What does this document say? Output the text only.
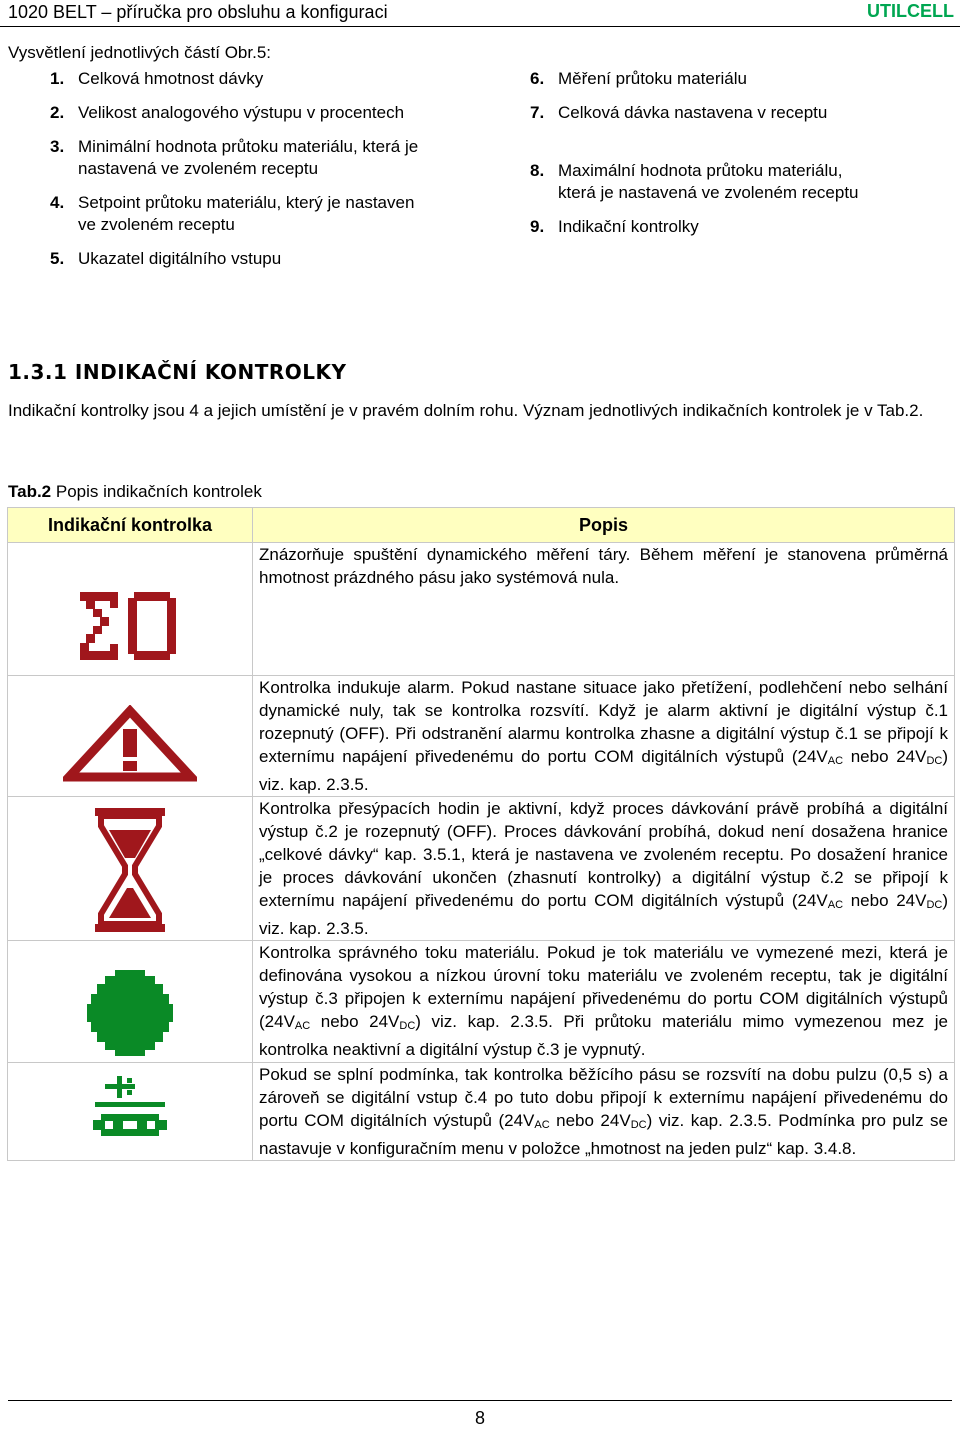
1020 BELT – příručka pro obsluhu a konfiguraci	UTILCELL
Vysvětlení jednotlivých částí Obr.5:
1. Celková hmotnost dávky
2. Velikost analogového výstupu v procentech
3. Minimální hodnota průtoku materiálu, která je nastavená ve zvoleném receptu
4. Setpoint průtoku materiálu, který je nastaven ve zvoleném receptu
5. Ukazatel digitálního vstupu
6. Měření průtoku materiálu
7. Celková dávka nastavena v receptu
8. Maximální hodnota průtoku materiálu, která je nastavená ve zvoleném receptu
9. Indikační kontrolky
1.3.1 INDIKAČNÍ KONTROLKY
Indikační kontrolky jsou 4 a jejich umístění je v pravém dolním rohu. Význam jednotlivých indikačních kontrolek je v Tab.2.
Tab.2 Popis indikačních kontrolek
Indikační kontrolka	Popis
	Znázorňuje spuštění dynamického měření táry. Během měření je stanovena průměrná hmotnost prázdného pásu jako systémová nula.
	Kontrolka indukuje alarm. Pokud nastane situace jako přetížení, podlehčení nebo selhání dynamické nuly, tak se kontrolka rozsvítí. Když je alarm aktivní je digitální výstup č.1 rozepnutý (OFF). Při odstranění alarmu kontrolka zhasne a digitální výstup č.1 se připojí k externímu napájení přivedenému do portu COM digitálních výstupů ($24V_{AC}$ nebo $24V_{DC}$) viz. kap. 2.3.5.
	Kontrolka přesýpacích hodin je aktivní, když proces dávkování právě probíhá a digitální výstup č.2 je rozepnutý (OFF). Proces dávkování probíhá, dokud není dosažena hranice „celkové dávky“ kap. 3.5.1, která je nastavena ve zvoleném receptu. Po dosažení hranice je proces dávkování ukončen (zhasnutí kontrolky) a digitální výstup č.2 se připojí k externímu napájení přivedenému do portu COM digitálních výstupů ($24V_{AC}$ nebo $24V_{DC}$) viz. kap. 2.3.5.
	Kontrolka správného toku materiálu. Pokud je tok materiálu ve vymezené mezi, která je definována vysokou a nízkou úrovní toku materiálu ve zvoleném receptu, tak je digitální výstup č.3 připojen k externímu napájení přivedenému do portu COM digitálních výstupů ($24V_{AC}$ nebo $24V_{DC}$) viz. kap. 2.3.5. Při průtoku materiálu mimo vymezenou mez je kontrolka neaktivní a digitální výstup č.3 je vypnutý.
	Pokud se splní podmínka, tak kontrolka běžícího pásu se rozsvítí na dobu pulzu (0,5 s) a zároveň se digitální vstup č.4 po tuto dobu připojí k externímu napájení přivedenému do portu COM digitálních výstupů ($24V_{AC}$ nebo $24V_{DC}$) viz. kap. 2.3.5. Podmínka pro pulz se nastavuje v konfiguračním menu v položce „hmotnost na jeden pulz“ kap. 3.4.8.
8
